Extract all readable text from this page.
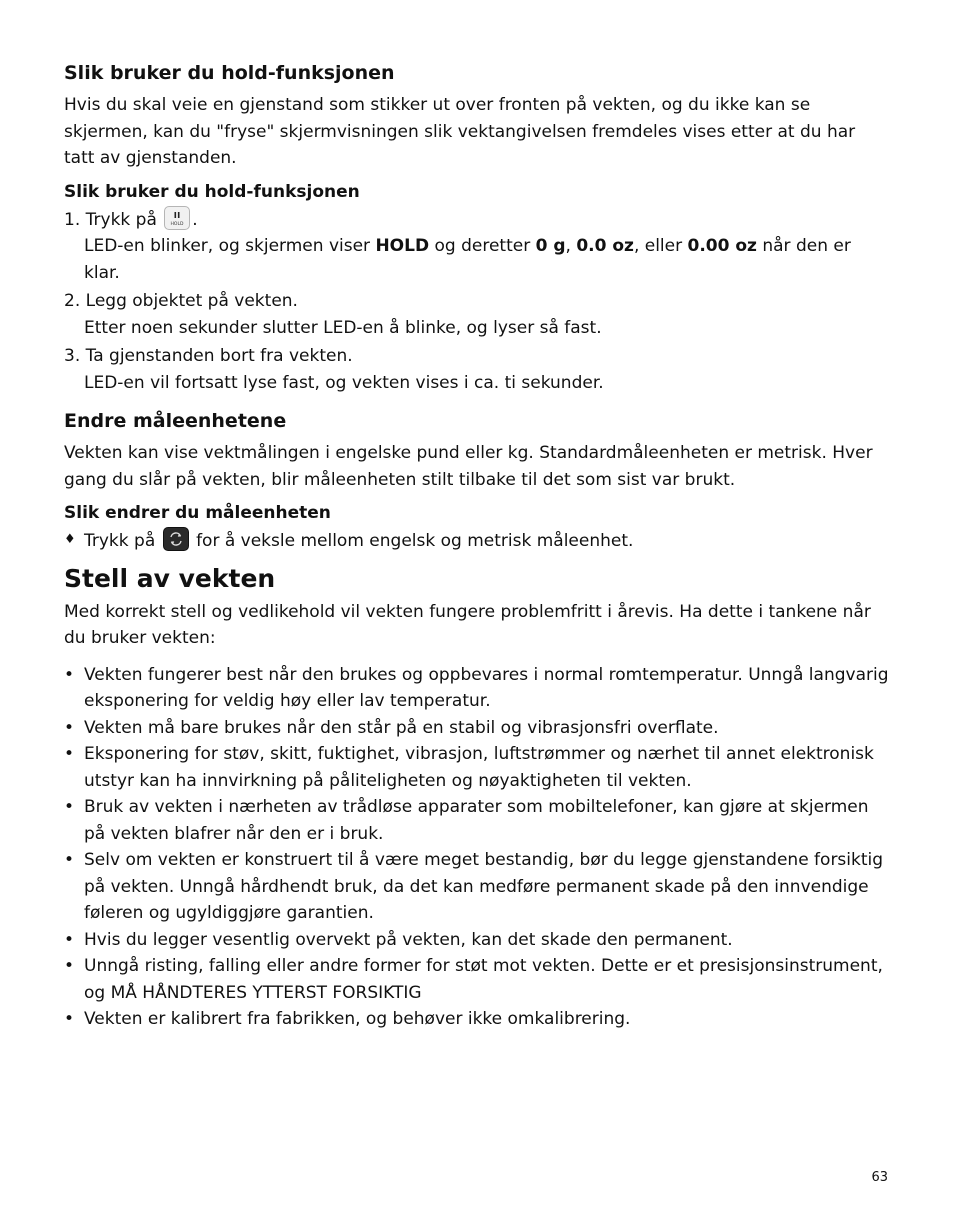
Slik bruker du hold-funksjonen

Hvis du skal veie en gjenstand som stikker ut over fronten på vekten, og du ikke kan se skjermen, kan du "fryse" skjermvisningen slik vektangivelsen fremdeles vises etter at du har tatt av gjenstanden.

Slik bruker du hold-funksjonen
1. Trykk på	HOLD .
LED-en blinker, og skjermen viser HOLD og deretter 0 g, 0.0 oz, eller 0.00 oz når den er klar.
2. Legg objektet på vekten.
Etter noen sekunder slutter LED-en å blinke, og lyser så fast.
3. Ta gjenstanden bort fra vekten.
LED-en vil fortsatt lyse fast, og vekten vises i ca. ti sekunder.
Endre måleenhetene

Vekten kan vise vektmålingen i engelske pund eller kg. Standardmåleenheten er metrisk. Hver gang du slår på vekten, blir måleenheten stilt tilbake til det som sist var brukt.

Slik endrer du måleenheten
♦ Trykk på for å veksle mellom engelsk og metrisk måleenhet.
Stell av vekten

Med korrekt stell og vedlikehold vil vekten fungere problemfritt i årevis. Ha dette i tankene når du bruker vekten:

• Vekten fungerer best når den brukes og oppbevares i normal romtemperatur. Unngå langvarig eksponering for veldig høy eller lav temperatur.
• Vekten må bare brukes når den står på en stabil og vibrasjonsfri overflate.
• Eksponering for støv, skitt, fuktighet, vibrasjon, luftstrømmer og nærhet til annet elektronisk utstyr kan ha innvirkning på påliteligheten og nøyaktigheten til vekten.
• Bruk av vekten i nærheten av trådløse apparater som mobiltelefoner, kan gjøre at skjermen på vekten blafrer når den er i bruk.
• Selv om vekten er konstruert til å være meget bestandig, bør du legge gjenstandene forsiktig på vekten. Unngå hårdhendt bruk, da det kan medføre permanent skade på den innvendige føleren og ugyldiggjøre garantien.
• Hvis du legger vesentlig overvekt på vekten, kan det skade den permanent.
• Unngå risting, falling eller andre former for støt mot vekten. Dette er et presisjonsinstrument, og MÅ HÅNDTERES YTTERST FORSIKTIG
• Vekten er kalibrert fra fabrikken, og behøver ikke omkalibrering.
63
